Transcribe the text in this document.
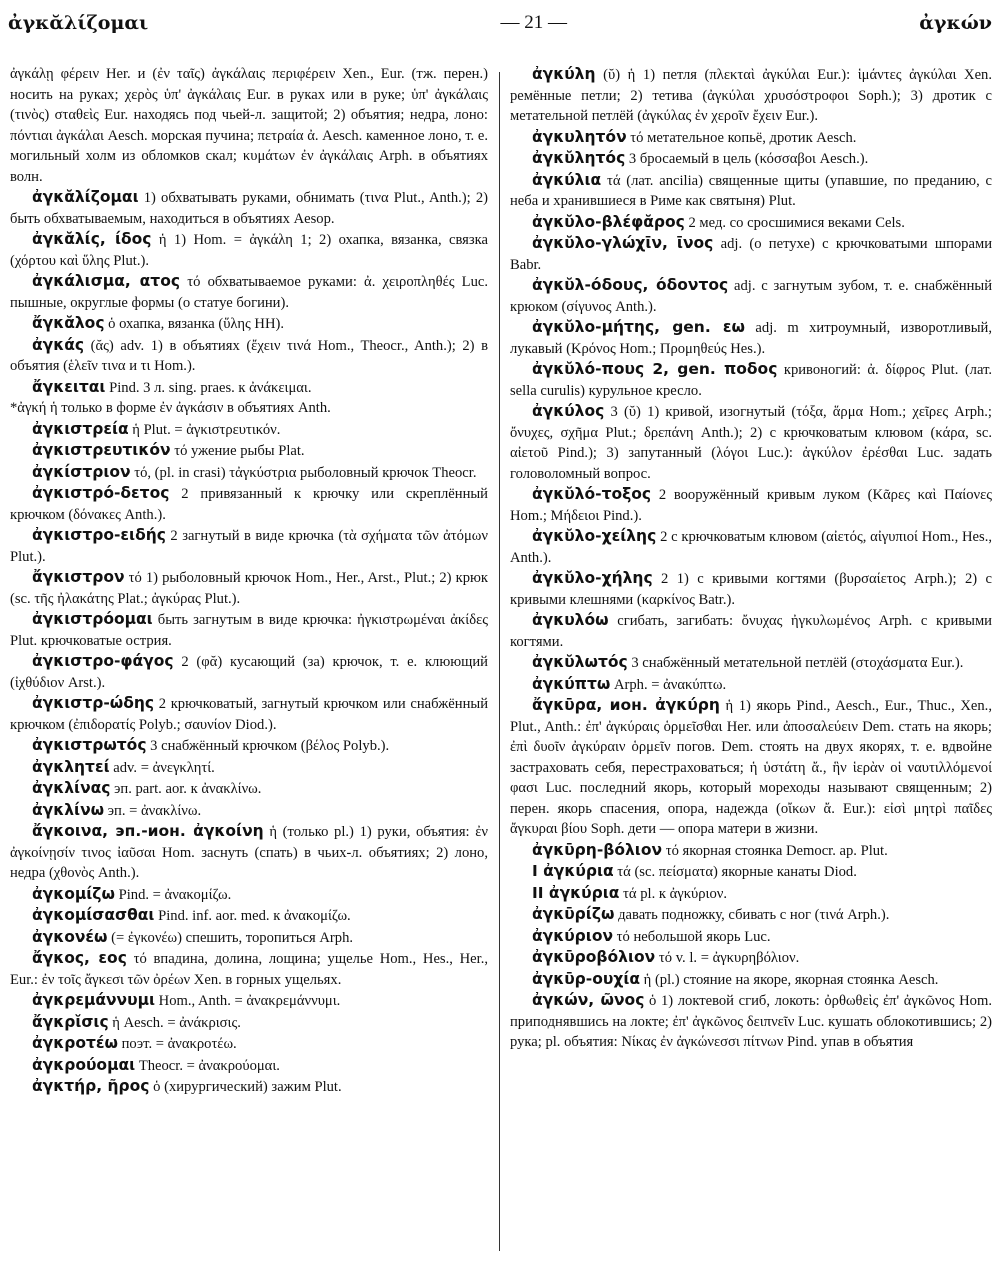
ἀγκᾰλίζομαι	— 21 —	ἀγκών

ἀγκάλῃ φέρειν Her. и (ἐν ταῖς) ἀγκάλαις περιφέρειν Xen., Eur. (тж. перен.) носить на руках; χερὸς ὑπ' ἀγκάλαις Eur. в руках или в руке; ὑπ' ἀγκάλαις (τινὸς) σταθεὶς Eur. находясь под чьей-л. защитой; 2) объятия; недра, лоно: πόντιαι ἀγκάλαι Aesch. морская пучина; πετραία ἀ. Aesch. каменное лоно, т. е. могильный холм из обломков скал; κυμάτων ἐν ἀγκάλαις Arph. в объятиях волн.

ἀγκᾰλίζομαι 1) обхватывать руками, обнимать (τινα Plut., Anth.); 2) быть обхватываемым, находиться в объятиях Aesop.

ἀγκᾰλίς, ίδος ἡ 1) Hom. = ἀγκάλη 1; 2) охапка, вязанка, связка (χόρτου καὶ ὕλης Plut.).

ἀγκάλισμα, ατος τό обхватываемое руками: ἀ. χειροπληθές Luc. пышные, округлые формы (о статуе богини).

ἄγκᾰλος ὁ охапка, вязанка (ὕλης HH).

ἀγκάς (ᾰς) adv. 1) в объятиях (ἔχειν τινά Hom., Theocr., Anth.); 2) в объятия (ἑλεῖν τινα и τι Hom.).

ἄγκειται Pind. 3 л. sing. praes. к ἀνάκειμαι.

*ἀγκή ἡ только в форме ἐν ἀγκάσιν в объятиях Anth.

ἀγκιστρεία ἡ Plut. = ἀγκιστρευτικόν.

ἀγκιστρευτικόν τό ужение рыбы Plat.

ἀγκίστριον τό, (pl. in crasi) τἀγκύστρια рыболовный крючок Theocr.

ἀγκιστρό-δετος 2 привязанный к крючку или скреплённый крючком (δόνακες Anth.).

ἀγκιστρο-ειδής 2 загнутый в виде крючка (τὰ σχήματα τῶν ἀτόμων Plut.).

ἄγκιστρον τό 1) рыболовный крючок Hom., Her., Arst., Plut.; 2) крюк (sc. τῆς ἠλακάτης Plat.; ἀγκύρας Plut.).

ἀγκιστρόομαι быть загнутым в виде крючка: ἠγκιστρωμέναι ἀκίδες Plut. крючковатые острия.

ἀγκιστρο-φάγος 2 (φᾰ) кусающий (за) крючок, т. е. клюющий (ἰχθύδιον Arst.).

ἀγκιστρ-ώδης 2 крючковатый, загнутый крючком или снабжённый крючком (ἐπιδορατίς Polyb.; σαυνίον Diod.).

ἀγκιστρωτός 3 снабжённый крючком (βέλος Polyb.).

ἀγκλητεί adv. = ἀνεγκλητί.

ἀγκλίνας эп. part. aor. к ἀνακλίνω.

ἀγκλίνω эп. = ἀνακλίνω.

ἄγκοινα, эп.-ион. ἀγκοίνη ἡ (только pl.) 1) руки, объятия: ἐν ἀγκοίνῃσίν τινος ἰαῦσαι Hom. заснуть (спать) в чьих-л. объятиях; 2) лоно, недра (χθονὸς Anth.).

ἀγκομίζω Pind. = ἀνακομίζω.

ἀγκομίσασθαι Pind. inf. aor. med. к ἀνακομίζω.

ἀγκονέω (= ἐγκονέω) спешить, торопиться Arph.

ἄγκος, εος τό впадина, долина, лощина; ущелье Hom., Hes., Her., Eur.: ἐν τοῖς ἄγκεσι τῶν ὀρέων Xen. в горных ущельях.

ἀγκρεμάννυμι Hom., Anth. = ἀνακρεμάννυμι.

ἄγκρῐσις ἡ Aesch. = ἀνάκρισις.

ἀγκροτέω поэт. = ἀνακροτέω.

ἀγκρούομαι Theocr. = ἀνακρούομαι.

ἀγκτήρ, ῆρος ὁ (хирургический) зажим Plut.

ἀγκύλη (ῠ) ἡ 1) петля (πλεκταὶ ἀγκύλαι Eur.): ἱμάντες ἀγκύλαι Xen. ремённые петли; 2) тетива (ἀγκύλαι χρυσόστροφοι Soph.); 3) дротик с метательной петлёй (ἀγκύλας ἐν χεροῖν ἔχειν Eur.).

ἀγκυλητόν τό метательное копьё, дротик Aesch.

ἀγκῠλητός 3 бросаемый в цель (κόσσαβοι Aesch.).

ἀγκύλια τά (лат. ancilia) священные щиты (упавшие, по преданию, с неба и хранившиеся в Риме как святыня) Plut.

ἀγκῠλο-βλέφᾰρος 2 мед. со сросшимися веками Cels.

ἀγκῠλο-γλώχῑν, ῑνος adj. (о петухе) с крючковатыми шпорами Babr.

ἀγκῠλ-όδους, όδοντος adj. с загнутым зубом, т. е. снабжённый крюком (σίγυνος Anth.).

ἀγκῠλο-μήτης, gen. εω adj. m хитроумный, изворотливый, лукавый (Κρόνος Hom.; Προμηθεύς Hes.).

ἀγκῠλό-πους 2, gen. ποδος кривоногий: ἀ. δίφρος Plut. (лат. sella curulis) курульное кресло.

ἀγκύλος 3 (ῠ) 1) кривой, изогнутый (τόξα, ἅρμα Hom.; χεῖρες Arph.; ὄνυχες, σχῆμα Plut.; δρεπάνη Anth.); 2) с крючковатым клювом (κάρα, sc. αἰετοῦ Pind.); 3) запутанный (λόγοι Luc.): ἀγκύλον ἐρέσθαι Luc. задать головоломный вопрос.

ἀγκῠλό-τοξος 2 вооружённый кривым луком (Κᾶρες καὶ Παίονες Hom.; Μήδειοι Pind.).

ἀγκῠλο-χείλης 2 с крючковатым клювом (αἰετός, αἰγυπιοί Hom., Hes., Anth.).

ἀγκῠλο-χήλης 2 1) с кривыми когтями (βυρσαίετος Arph.); 2) с кривыми клешнями (καρκίνος Batr.).

ἀγκυλόω сгибать, загибать: ὄνυχας ἠγκυλωμένος Arph. с кривыми когтями.

ἀγκῠλωτός 3 снабжённый метательной петлёй (στοχάσματα Eur.).

ἀγκύπτω Arph. = ἀνακύπτω.

ἄγκῡρα, ион. ἀγκύρη ἡ 1) якорь Pind., Aesch., Eur., Thuc., Xen., Plut., Anth.: ἐπ' ἀγκύραις ὁρμεῖσθαι Her. или ἀποσαλεύειν Dem. стать на якорь; ἐπὶ δυοῖν ἀγκύραιν ὁρμεῖν погов. Dem. стоять на двух якорях, т. е. вдвойне застраховать себя, перестраховаться; ἡ ὑστάτη ἄ., ἣν ἱερὰν οἱ ναυτιλλόμενοί φασι Luc. последний якорь, который мореходы называют священным; 2) перен. якорь спасения, опора, надежда (οἴκων ἄ. Eur.): εἰσὶ μητρὶ παῖδες ἄγκυραι βίου Soph. дети — опора матери в жизни.

ἀγκῡρη-βόλιον τό якорная стоянка Democr. ap. Plut.

I ἀγκύρια τά (sc. πείσματα) якорные канаты Diod.

II ἀγκύρια τά pl. к ἀγκύριον.

ἀγκῡρίζω давать подножку, сбивать с ног (τινά Arph.).

ἀγκύριον τό небольшой якорь Luc.

ἀγκῡροβόλιον τό v. l. = ἀγκυρηβόλιον.

ἀγκῡρ-ουχία ἡ (pl.) стояние на якоре, якорная стоянка Aesch.

ἀγκών, ῶνος ὁ 1) локтевой сгиб, локоть: ὀρθωθεὶς ἐπ' ἀγκῶνος Hom. приподнявшись на локте; ἐπ' ἀγκῶνος δειπνεῖν Luc. кушать облокотившись; 2) рука; pl. объятия: Νίκας ἐν ἀγκώνεσσι πίτνων Pind. упав в объятия
